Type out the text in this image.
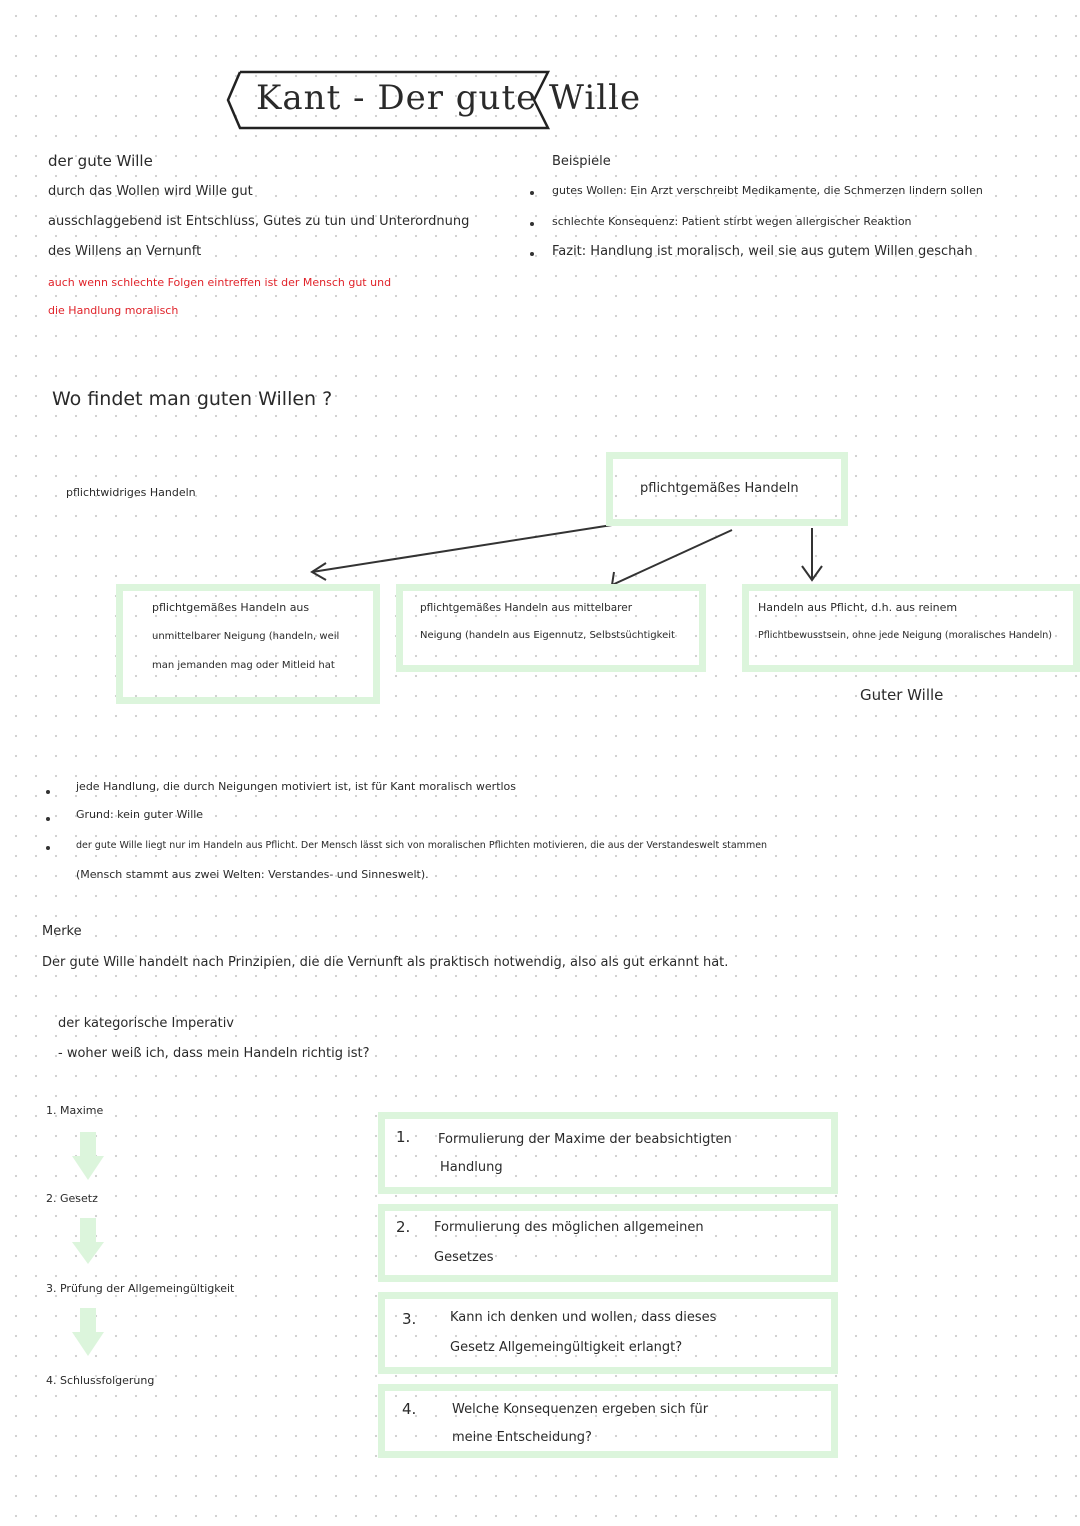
Kant - Der gute Wille
der gute Wille
durch das Wollen wird Wille gut
ausschlaggebend ist Entschluss, Gutes zu tun und Unterordnung
des Willens an Vernunft
auch wenn schlechte Folgen eintreffen ist der Mensch gut und
die Handlung moralisch
Beispiele
gutes Wollen: Ein Arzt verschreibt Medikamente, die Schmerzen lindern sollen
schlechte Konsequenz: Patient stirbt wegen allergischer Reaktion
Fazit: Handlung ist moralisch, weil sie aus gutem Willen geschah
Wo findet man guten Willen ?
pflichtwidriges Handeln	pflichtgemäßes Handeln
pflichtgemäßes Handeln aus
unmittelbarer Neigung (handeln, weil
man jemanden mag oder Mitleid hat
pflichtgemäßes Handeln aus mittelbarer
Neigung (handeln aus Eigennutz, Selbstsüchtigkeit
Handeln aus Pflicht, d.h. aus reinem
Pflichtbewusstsein, ohne jede Neigung (moralisches Handeln)
Guter Wille
jede Handlung, die durch Neigungen motiviert ist, ist für Kant moralisch wertlos
Grund: kein guter Wille
der gute Wille liegt nur im Handeln aus Pflicht. Der Mensch lässt sich von moralischen Pflichten motivieren, die aus der Verstandeswelt stammen
(Mensch stammt aus zwei Welten: Verstandes- und Sinneswelt).
Merke
Der gute Wille handelt nach Prinzipien, die die Vernunft als praktisch notwendig, also als gut erkannt hat.
der kategorische Imperativ
- woher weiß ich, dass mein Handeln richtig ist?
1. Maxime
2. Gesetz
3. Prüfung der Allgemeingültigkeit
4. Schlussfolgerung
1. Formulierung der Maxime der beabsichtigten
Handlung
2. Formulierung des möglichen allgemeinen
Gesetzes
3.	Kann ich denken und wollen, dass dieses
Gesetz Allgemeingültigkeit erlangt?
4.	Welche Konsequenzen ergeben sich für
meine Entscheidung?
